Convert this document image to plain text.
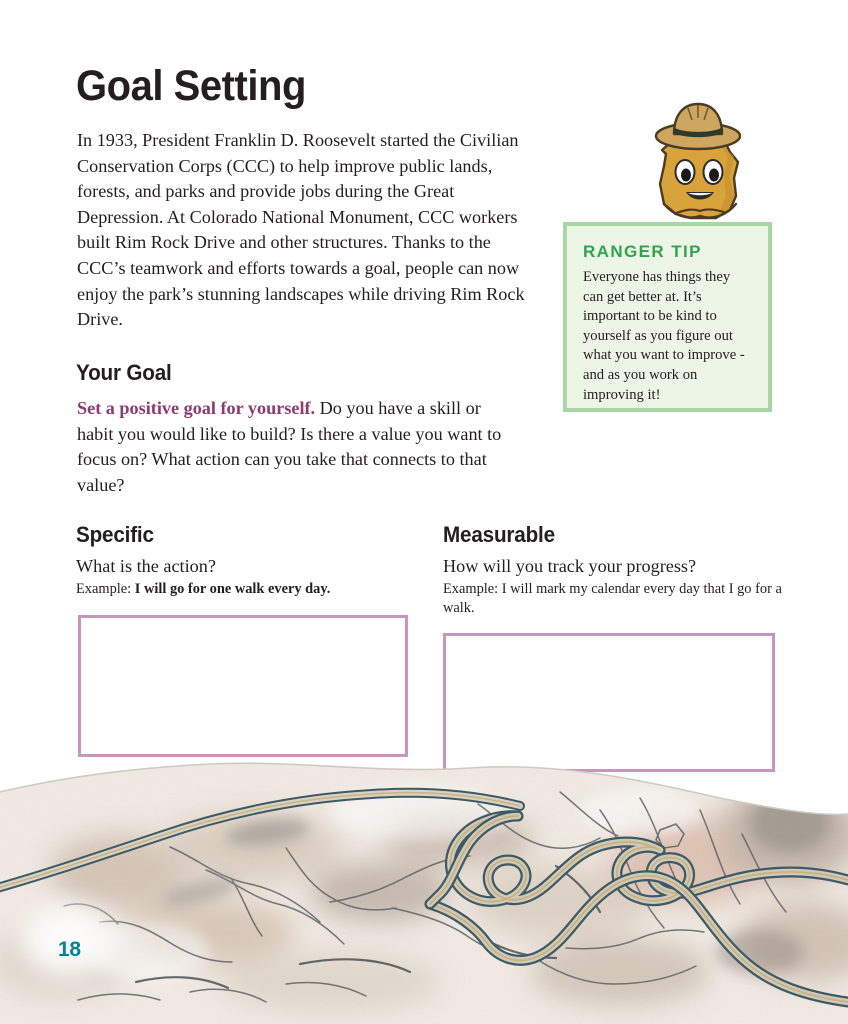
Goal Setting
In 1933, President Franklin D. Roosevelt started the Civilian Conservation Corps (CCC) to help improve public lands, forests, and parks and provide jobs during the Great Depression. At Colorado National Monument, CCC workers built Rim Rock Drive and other structures. Thanks to the CCC’s teamwork and efforts towards a goal, people can now enjoy the park’s stunning landscapes while driving Rim Rock Drive.
RANGER TIP
Everyone has things they can get better at. It’s important to be kind to yourself as you figure out what you want to improve - and as you work on improving it!
Your Goal
Set a positive goal for yourself. Do you have a skill or habit you would like to build? Is there a value you want to focus on? What action can you take that connects to that value?
Specific
What is the action?
Example: I will go for one walk every day.
Measurable
How will you track your progress?
Example: I will mark my calendar every day that I go for a walk.
18
